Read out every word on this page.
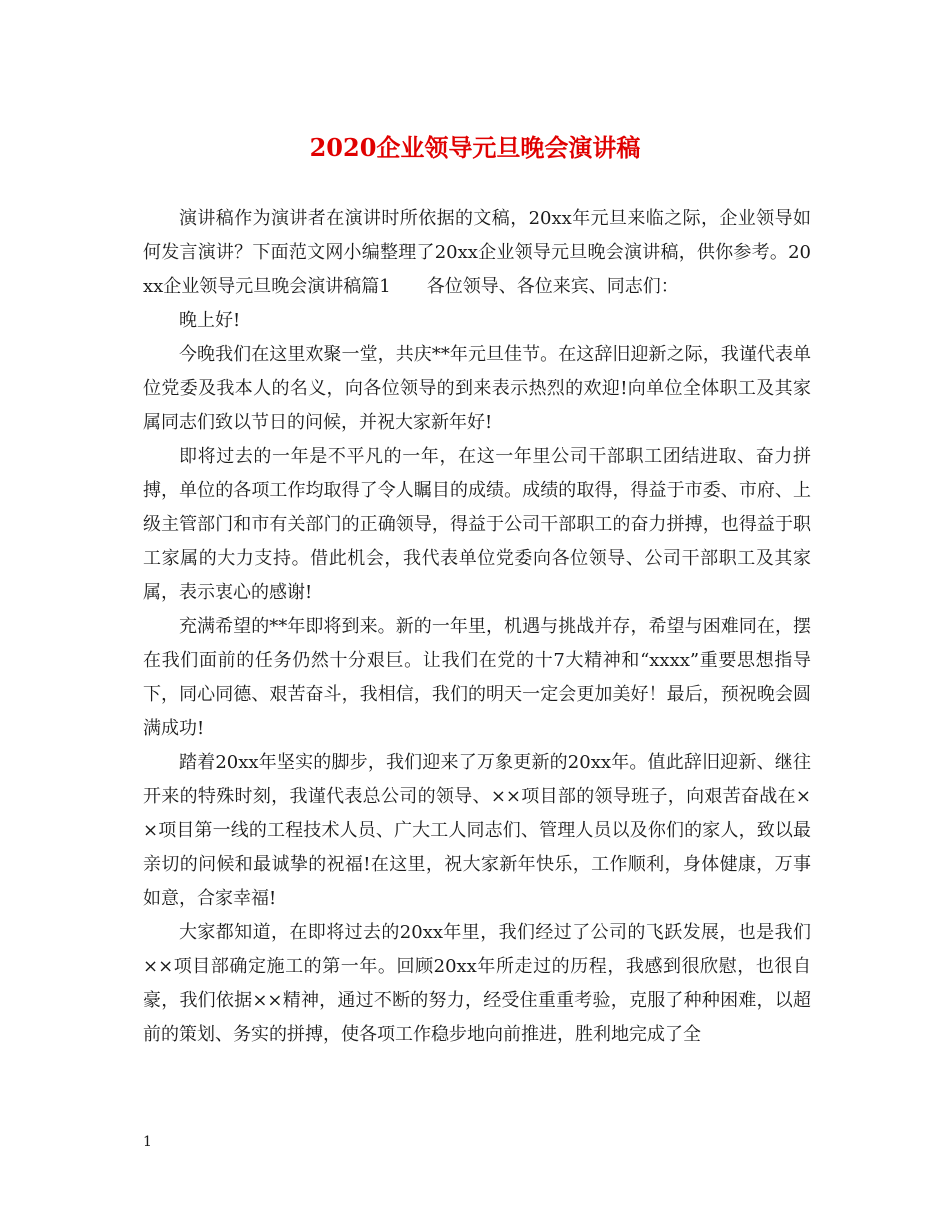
2020企业领导元旦晚会演讲稿

演讲稿作为演讲者在演讲时所依据的文稿，20xx年元旦来临之际，企业领导如何发言演讲？下面范文网小编整理了20xx企业领导元旦晚会演讲稿，供你参考。20xx企业领导元旦晚会演讲稿篇1　　各位领导、各位来宾、同志们：

晚上好!

今晚我们在这里欢聚一堂，共庆**年元旦佳节。在这辞旧迎新之际，我谨代表单位党委及我本人的名义，向各位领导的到来表示热烈的欢迎!向单位全体职工及其家属同志们致以节日的问候，并祝大家新年好!

即将过去的一年是不平凡的一年，在这一年里公司干部职工团结进取、奋力拼搏，单位的各项工作均取得了令人瞩目的成绩。成绩的取得，得益于市委、市府、上级主管部门和市有关部门的正确领导，得益于公司干部职工的奋力拼搏，也得益于职工家属的大力支持。借此机会，我代表单位党委向各位领导、公司干部职工及其家属，表示衷心的感谢!

充满希望的**年即将到来。新的一年里，机遇与挑战并存，希望与困难同在，摆在我们面前的任务仍然十分艰巨。让我们在党的十7大精神和“xxxx”重要思想指导下，同心同德、艰苦奋斗，我相信，我们的明天一定会更加美好！最后，预祝晚会圆满成功!

踏着20xx年坚实的脚步，我们迎来了万象更新的20xx年。值此辞旧迎新、继往开来的特殊时刻，我谨代表总公司的领导、××项目部的领导班子，向艰苦奋战在××项目第一线的工程技术人员、广大工人同志们、管理人员以及你们的家人，致以最亲切的问候和最诚挚的祝福!在这里，祝大家新年快乐，工作顺利，身体健康，万事如意，合家幸福!

大家都知道，在即将过去的20xx年里，我们经过了公司的飞跃发展，也是我们××项目部确定施工的第一年。回顾20xx年所走过的历程，我感到很欣慰，也很自豪，我们依据××精神，通过不断的努力，经受住重重考验，克服了种种困难，以超前的策划、务实的拼搏，使各项工作稳步地向前推进，胜利地完成了全

1
